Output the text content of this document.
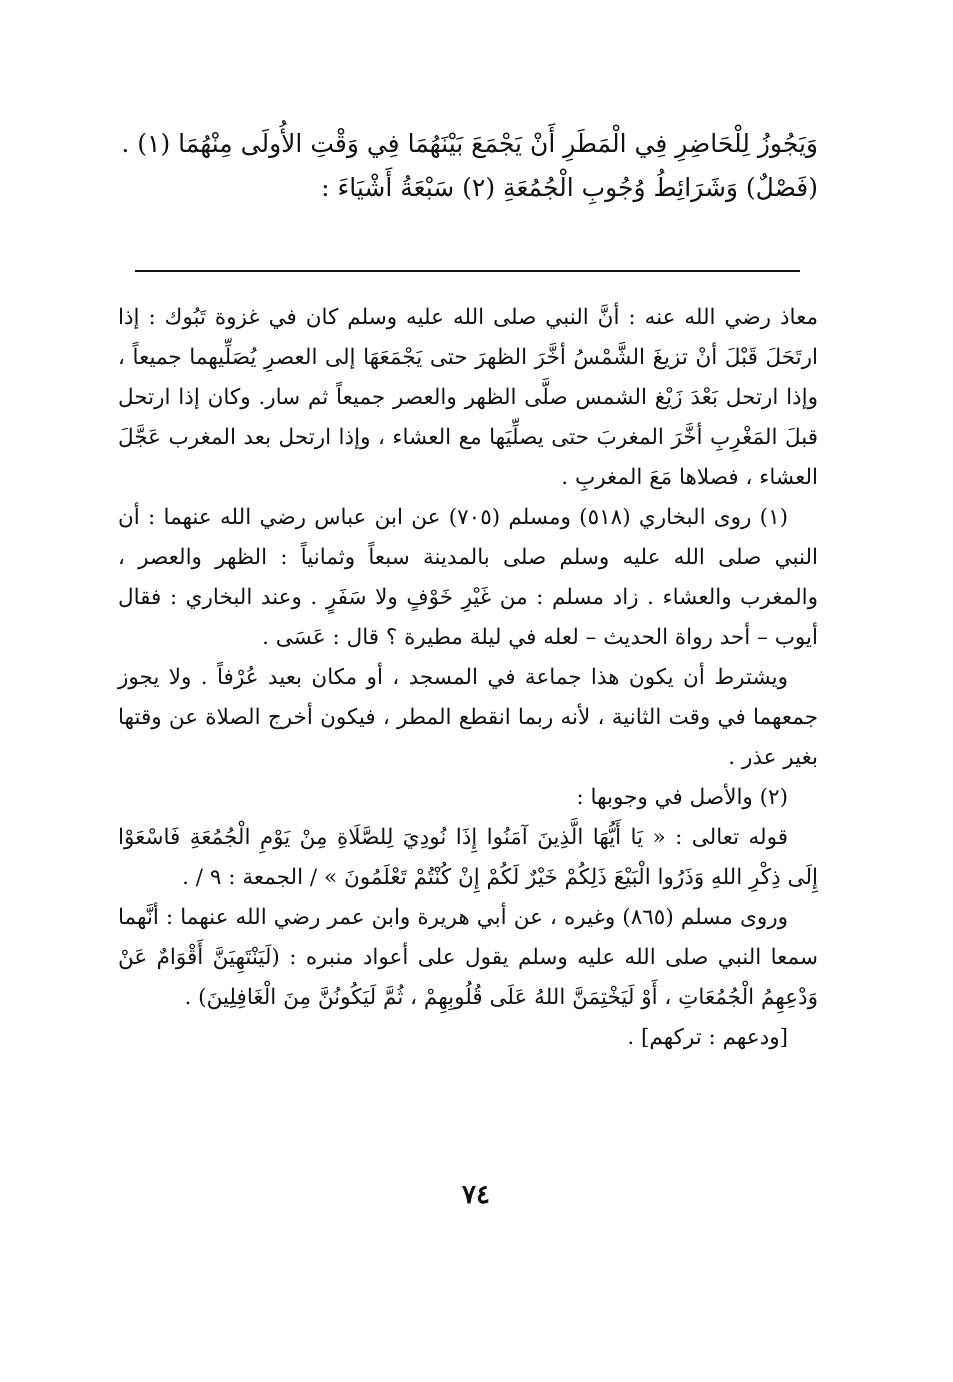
وَيَجُوزُ لِلْحَاضِرِ فِي الْمَطَرِ أَنْ يَجْمَعَ بَيْنَهُمَا فِي وَقْتِ الأُولَى مِنْهُمَا (١) .

(فَصْلٌ) وَشَرَائِطُ وُجُوبِ الْجُمُعَةِ (٢) سَبْعَةُ أَشْيَاءَ :

معاذ رضي الله عنه : أنَّ النبي صلى الله عليه وسلم كان في غزوة تَبُوك : إذا ارتَحَلَ قَبْلَ أنْ تزيغَ الشَّمْسُ أخَّرَ الظهرَ حتى يَجْمَعَهَا إلى العصرِ يُصَلِّيهما جميعاً ، وإذا ارتحل بَعْدَ زَيْغ الشمس صلَّى الظهر والعصر جميعاً ثم سار. وكان إذا ارتحل قبلَ المَغْرِبِ أخَّرَ المغربَ حتى يصلِّيَها مع العشاء ، وإذا ارتحل بعد المغرب عَجَّلَ العشاء ، فصلاها مَعَ المغربِ .

(١) روى البخاري (٥١٨) ومسلم (٧٠٥) عن ابن عباس رضي الله عنهما : أن النبي صلى الله عليه وسلم صلى بالمدينة سبعاً وثمانياً : الظهر والعصر ، والمغرب والعشاء . زاد مسلم : من غَيْرِ خَوْفٍ ولا سَفَرٍ . وعند البخاري : فقال أيوب – أحد رواة الحديث – لعله في ليلة مطيرة ؟ قال : عَسَى .

ويشترط أن يكون هذا جماعة في المسجد ، أو مكان بعيد عُرْفاً . ولا يجوز جمعهما في وقت الثانية ، لأنه ربما انقطع المطر ، فيكون أخرج الصلاة عن وقتها بغير عذر .

(٢) والأصل في وجوبها :

قوله تعالى : « يَا أَيُّهَا الَّذِينَ آمَنُوا إِذَا نُودِيَ لِلصَّلَاةِ مِنْ يَوْمِ الْجُمُعَةِ فَاسْعَوْا إِلَى ذِكْرِ اللهِ وَذَرُوا الْبَيْعَ ذَلِكُمْ خَيْرٌ لَكُمْ إِنْ كُنْتُمْ تَعْلَمُونَ » / الجمعة : ٩ / .

وروى مسلم (٨٦٥) وغيره ، عن أبي هريرة وابن عمر رضي الله عنهما : أنَّهما سمعا النبي صلى الله عليه وسلم يقول على أعواد منبره : (لَيَنْتَهِيَنَّ أَقْوَامٌ عَنْ وَدْعِهِمُ الْجُمُعَاتِ ، أَوْ لَيَخْتِمَنَّ اللهُ عَلَى قُلُوبِهِمْ ، ثُمَّ لَيَكُونُنَّ مِنَ الْغَافِلِينَ) .

[ودعهم : تركهم] .

٧٤
